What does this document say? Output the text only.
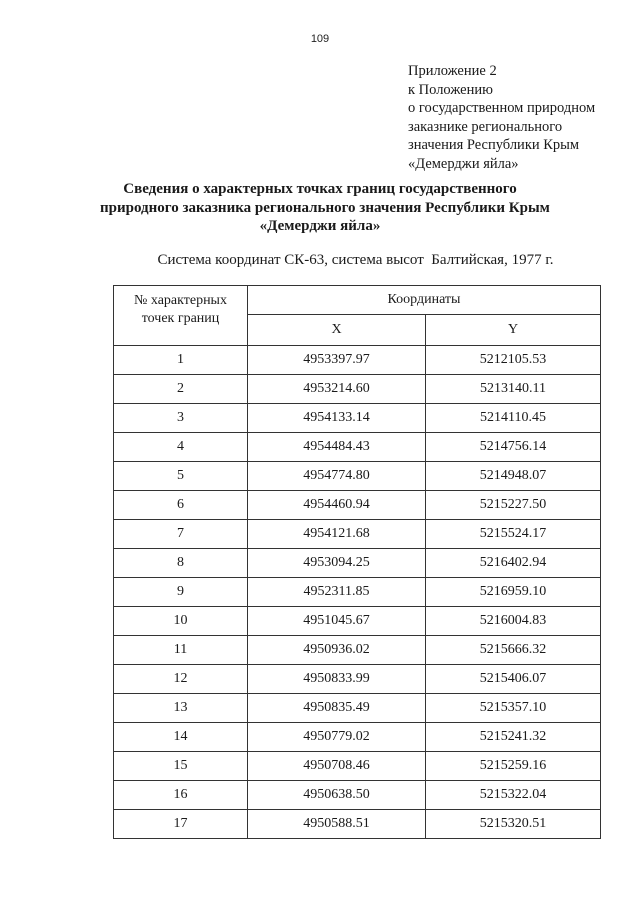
109
Приложение 2
к Положению
о государственном природном
заказнике регионального
значения Республики Крым
«Демерджи яйла»
Сведения о характерных точках границ государственного
природного заказника регионального значения Республики Крым
«Демерджи яйла»
Система координат СК-63, система высот  Балтийская, 1977 г.
№ характерных
точек границ	Координаты	
	X	Y
1	4953397.97	5212105.53
2	4953214.60	5213140.11
3	4954133.14	5214110.45
4	4954484.43	5214756.14
5	4954774.80	5214948.07
6	4954460.94	5215227.50
7	4954121.68	5215524.17
8	4953094.25	5216402.94
9	4952311.85	5216959.10
10	4951045.67	5216004.83
11	4950936.02	5215666.32
12	4950833.99	5215406.07
13	4950835.49	5215357.10
14	4950779.02	5215241.32
15	4950708.46	5215259.16
16	4950638.50	5215322.04
17	4950588.51	5215320.51
